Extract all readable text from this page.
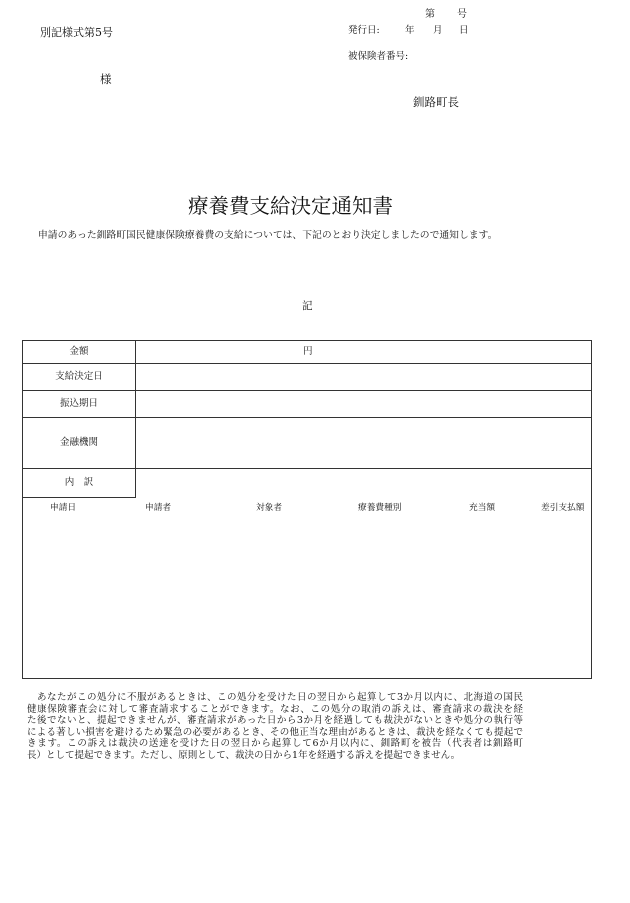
別記様式第5号
第 号
発行日:	年 月 日
被保険者番号:
様
釧路町長
療養費支給決定通知書
申請のあった釧路町国民健康保険療養費の支給については、下記のとおり決定しましたので通知します。
記
金額	円
支給決定日
振込期日
金融機関
内　訳
申請日	申請者	対象者	療養費種別	充当額	差引支払額
　あなたがこの処分に不服があるときは、この処分を受けた日の翌日から起算して3か月以内に、北海道の国民
健康保険審査会に対して審査請求することができます。なお、この処分の取消の訴えは、審査請求の裁決を経
た後でないと、提起できませんが、審査請求があった日から3か月を経過しても裁決がないときや処分の執行等
による著しい損害を避けるため緊急の必要があるとき、その他正当な理由があるときは、裁決を経なくても提起で
きます。この訴えは裁決の送達を受けた日の翌日から起算して6か月以内に、釧路町を被告（代表者は釧路町
長）として提起できます。ただし、原則として、裁決の日から1年を経過する訴えを提起できません。
